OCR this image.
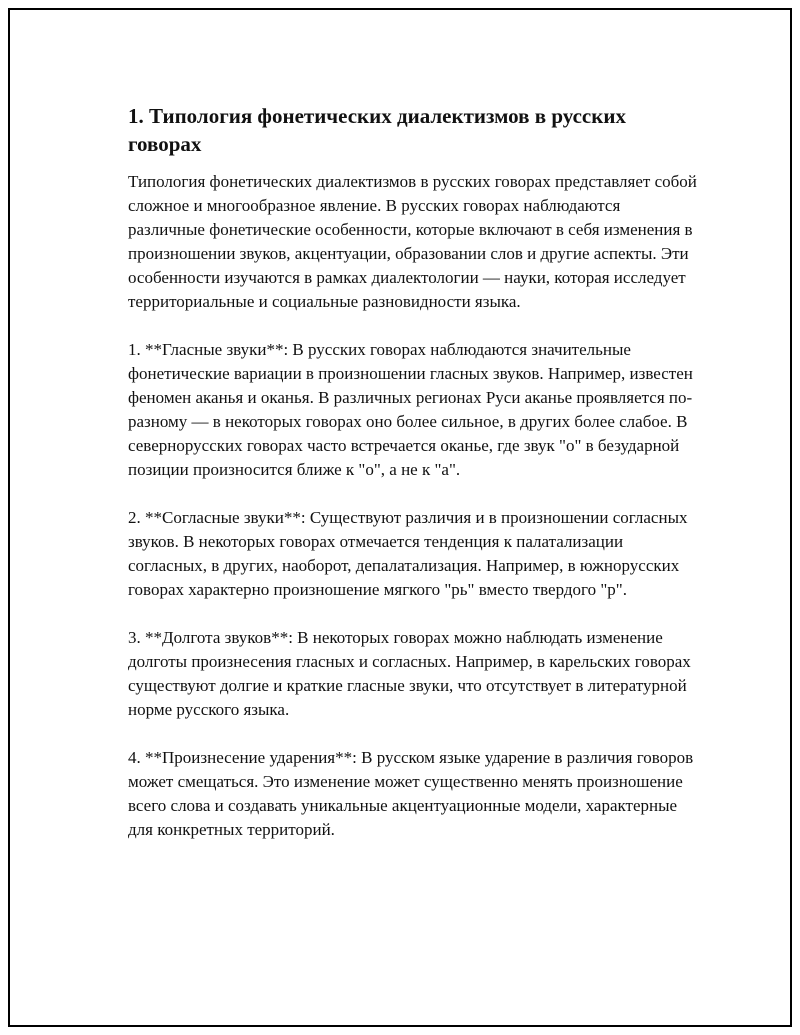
1. Типология фонетических диалектизмов в русских говорах

Типология фонетических диалектизмов в русских говорах представляет собой сложное и многообразное явление. В русских говорах наблюдаются различные фонетические особенности, которые включают в себя изменения в произношении звуков, акцентуации, образовании слов и другие аспекты. Эти особенности изучаются в рамках диалектологии — науки, которая исследует территориальные и социальные разновидности языка.

1. **Гласные звуки**: В русских говорах наблюдаются значительные фонетические вариации в произношении гласных звуков. Например, известен феномен аканья и оканья. В различных регионах Руси аканье проявляется по-разному — в некоторых говорах оно более сильное, в других более слабое. В севернорусских говорах часто встречается оканье, где звук "о" в безударной позиции произносится ближе к "о", а не к "а".

2. **Согласные звуки**: Существуют различия и в произношении согласных звуков. В некоторых говорах отмечается тенденция к палатализации согласных, в других, наоборот, депалатализация. Например, в южнорусских говорах характерно произношение мягкого "рь" вместо твердого "р".

3. **Долгота звуков**: В некоторых говорах можно наблюдать изменение долготы произнесения гласных и согласных. Например, в карельских говорах существуют долгие и краткие гласные звуки, что отсутствует в литературной норме русского языка.

4. **Произнесение ударения**: В русском языке ударение в различия говоров может смещаться. Это изменение может существенно менять произношение всего слова и создавать уникальные акцентуационные модели, характерные для конкретных территорий.
